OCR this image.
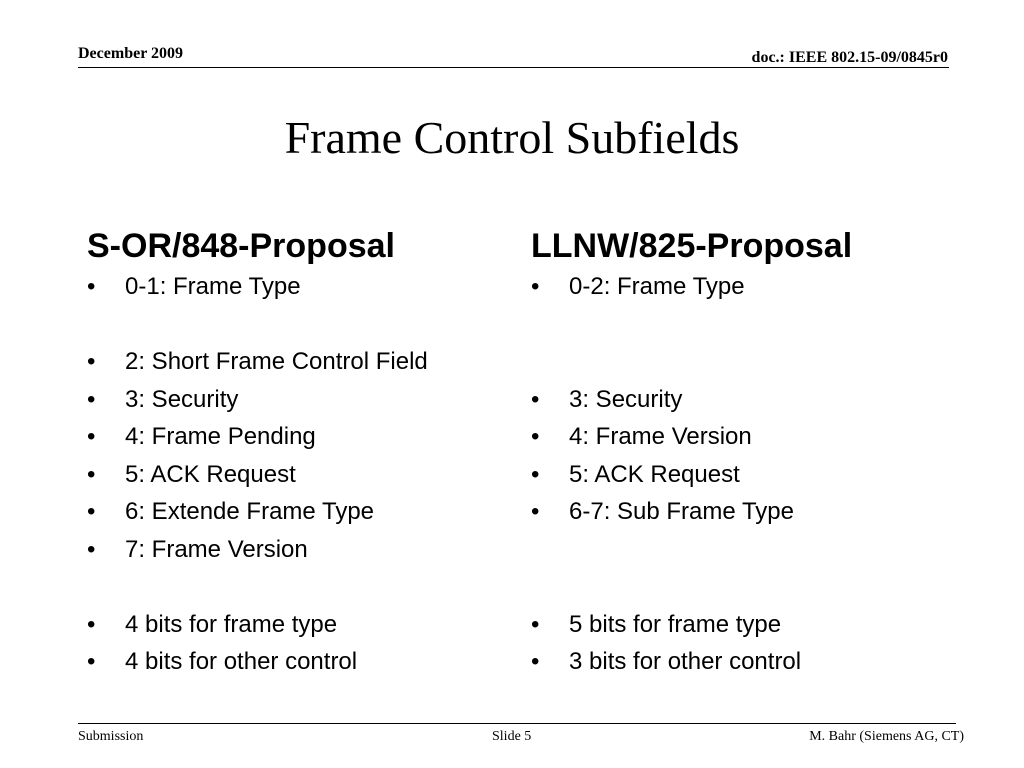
December 2009	doc.: IEEE 802.15-09/0845r0
Frame Control Subfields
S-OR/848-Proposal
• 0-1: Frame Type
• 2: Short Frame Control Field
• 3: Security
• 4: Frame Pending
• 5: ACK Request
• 6: Extende Frame Type
• 7: Frame Version
• 4 bits for frame type
• 4 bits for other control
LLNW/825-Proposal
• 0-2: Frame Type
• 3: Security
• 4: Frame Version
• 5: ACK Request
• 6-7: Sub Frame Type
• 5 bits for frame type
• 3 bits for other control
Submission	Slide 5	M. Bahr (Siemens AG, CT)
